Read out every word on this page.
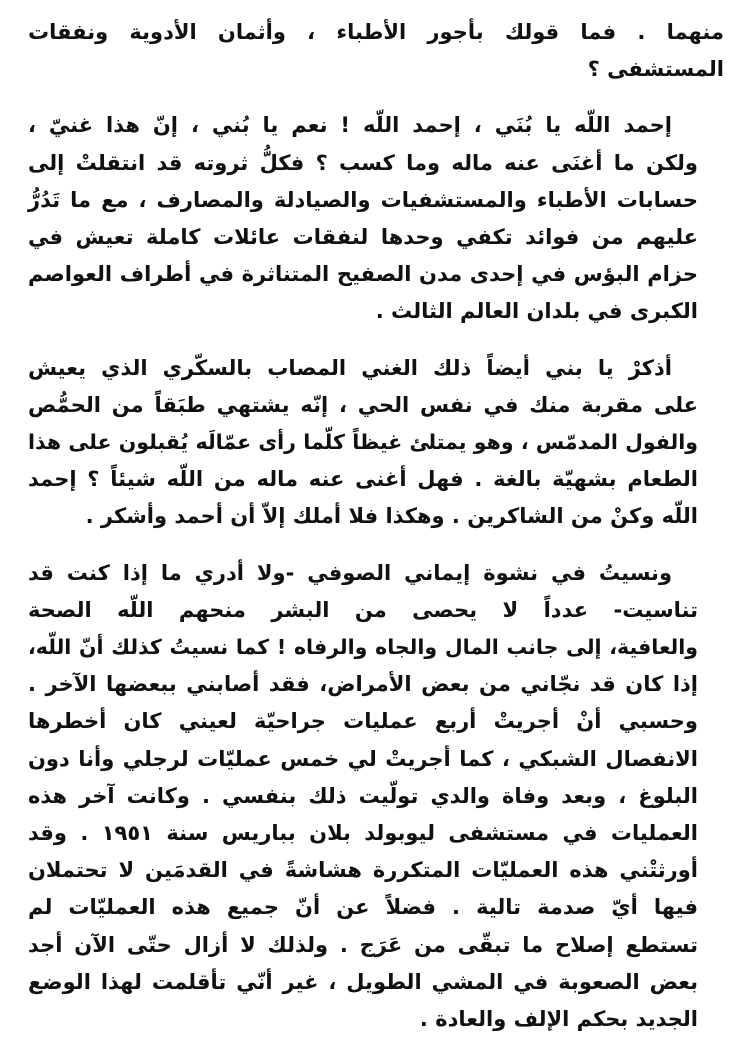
منهما . فما قولك بأجور الأطباء ، وأثمان الأدوية ونفقات
المستشفى ؟
إحمد اللّه يا بُنَي ، إحمد اللّه ! نعم يا بُني ، إنّ هذا غنيّ ،
ولكن ما أغنَى عنه ماله وما كسب ؟ فكلُّ ثروته قد انتقلتْ إلى
حسابات الأطباء والمستشفيات والصيادلة والمصارف ، مع ما تَدُرُّ
عليهم من فوائد تكفي وحدها لنفقات عائلات كاملة تعيش في
حزام البؤس في إحدى مدن الصفيح المتناثرة في أطراف العواصم
الكبرى في بلدان العالم الثالث .
أذكرْ يا بني أيضاً ذلك الغني المصاب بالسكّري الذي يعيش
على مقربة منك في نفس الحي ، إنّه يشتهي طبَقاً من الحمُّص
والفول المدمّس ، وهو يمتلئ غيظاً كلّما رأى عمّالَه يُقبلون على هذا
الطعام بشهيّة بالغة . فهل أغنى عنه ماله من اللّه شيئاً ؟ إحمد
اللّه وكنْ من الشاكرين . وهكذا فلا أملك إلاّ أن أحمد وأشكر .
ونسيتُ في نشوة إيماني الصوفي -ولا أدري ما إذا كنت قد
تناسيت- عدداً لا يحصى من البشر منحهم اللّه الصحة
والعافية، إلى جانب المال والجاه والرفاه ! كما نسيتُ كذلك أنّ اللّه،
إذا كان قد نجّاني من بعض الأمراض، فقد أصابني ببعضها الآخر .
وحسبي أنْ أجريتْ أربع عمليات جراحيّة لعيني كان أخطرها
الانفصال الشبكي ، كما أجريتْ لي خمس عمليّات لرجلي وأنا دون
البلوغ ، وبعد وفاة والدي تولّيت ذلك بنفسي . وكانت آخر هذه
العمليات في مستشفى ليوبولد بلان بباريس سنة ١٩٥١ . وقد
أورثتْني هذه العمليّات المتكررة هشاشةً في القدمَين لا تحتملان
فيها أيّ صدمة تالية . فضلاً عن أنّ جميع هذه العمليّات لم
تستطع إصلاح ما تبقّى من عَرَج . ولذلك لا أزال حتّى الآن أجد
بعض الصعوبة في المشي الطويل ، غير أنّي تأقلمت لهذا الوضع
الجديد بحكم الإلف والعادة .
